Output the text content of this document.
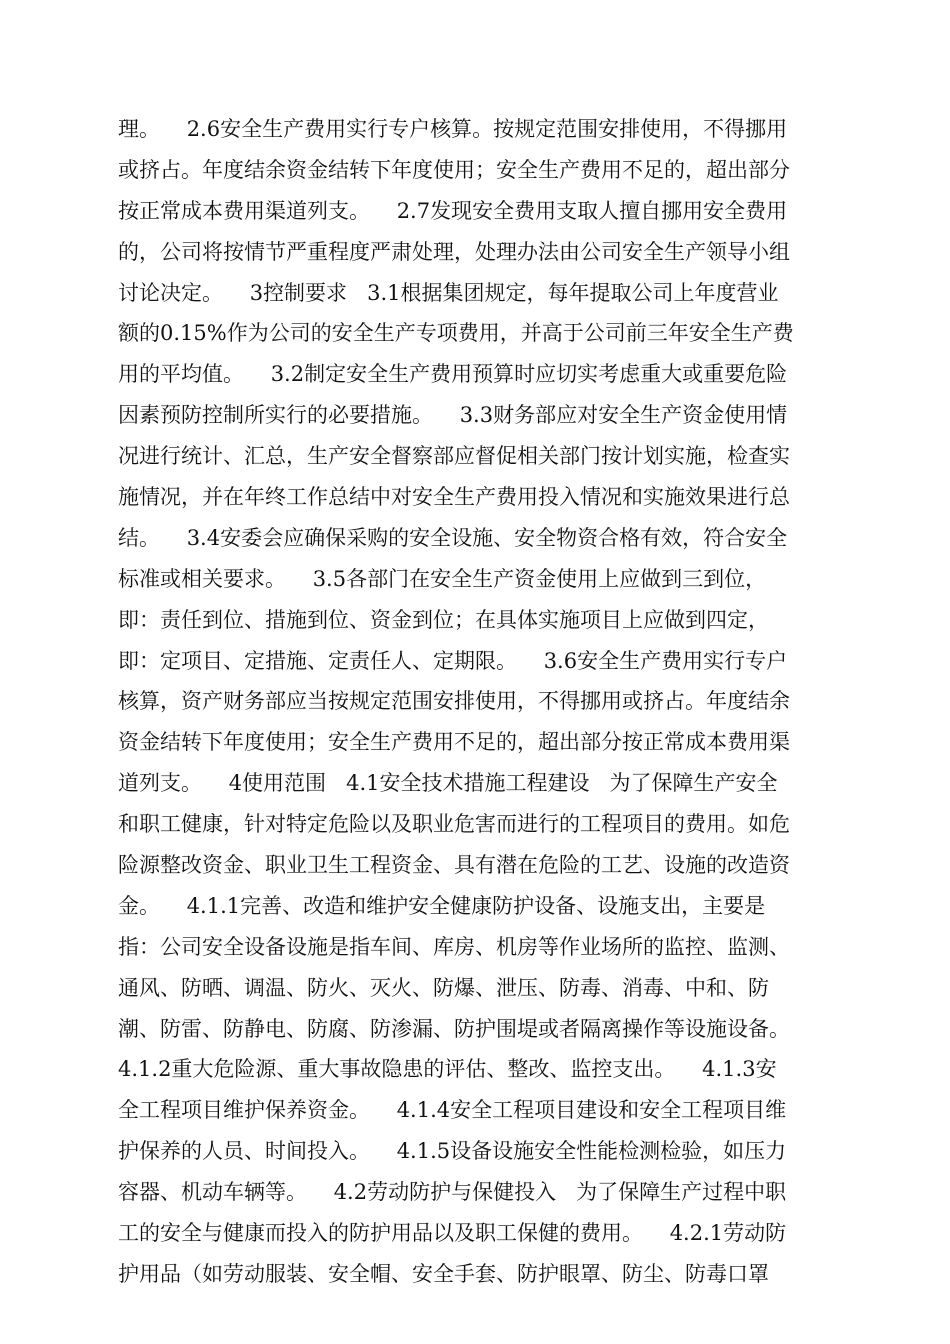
理。    2.6安全生产费用实行专户核算。按规定范围安排使用，不得挪用
或挤占。年度结余资金结转下年度使用；安全生产费用不足的，超出部分
按正常成本费用渠道列支。    2.7发现安全费用支取人擅自挪用安全费用
的，公司将按情节严重程度严肃处理，处理办法由公司安全生产领导小组
讨论决定。    3控制要求   3.1根据集团规定，每年提取公司上年度营业
额的0.15%作为公司的安全生产专项费用，并高于公司前三年安全生产费
用的平均值。    3.2制定安全生产费用预算时应切实考虑重大或重要危险
因素预防控制所实行的必要措施。    3.3财务部应对安全生产资金使用情
况进行统计、汇总，生产安全督察部应督促相关部门按计划实施，检查实
施情况，并在年终工作总结中对安全生产费用投入情况和实施效果进行总
结。    3.4安委会应确保采购的安全设施、安全物资合格有效，符合安全
标准或相关要求。    3.5各部门在安全生产资金使用上应做到三到位，
即：责任到位、措施到位、资金到位；在具体实施项目上应做到四定，
即：定项目、定措施、定责任人、定期限。    3.6安全生产费用实行专户
核算，资产财务部应当按规定范围安排使用，不得挪用或挤占。年度结余
资金结转下年度使用；安全生产费用不足的，超出部分按正常成本费用渠
道列支。    4使用范围   4.1安全技术措施工程建设   为了保障生产安全
和职工健康，针对特定危险以及职业危害而进行的工程项目的费用。如危
险源整改资金、职业卫生工程资金、具有潜在危险的工艺、设施的改造资
金。    4.1.1完善、改造和维护安全健康防护设备、设施支出，主要是
指：公司安全设备设施是指车间、库房、机房等作业场所的监控、监测、
通风、防晒、调温、防火、灭火、防爆、泄压、防毒、消毒、中和、防
潮、防雷、防静电、防腐、防渗漏、防护围堤或者隔离操作等设施设备。
4.1.2重大危险源、重大事故隐患的评估、整改、监控支出。    4.1.3安
全工程项目维护保养资金。    4.1.4安全工程项目建设和安全工程项目维
护保养的人员、时间投入。    4.1.5设备设施安全性能检测检验，如压力
容器、机动车辆等。    4.2劳动防护与保健投入   为了保障生产过程中职
工的安全与健康而投入的防护用品以及职工保健的费用。    4.2.1劳动防
护用品（如劳动服装、安全帽、安全手套、防护眼罩、防尘、防毒口罩
